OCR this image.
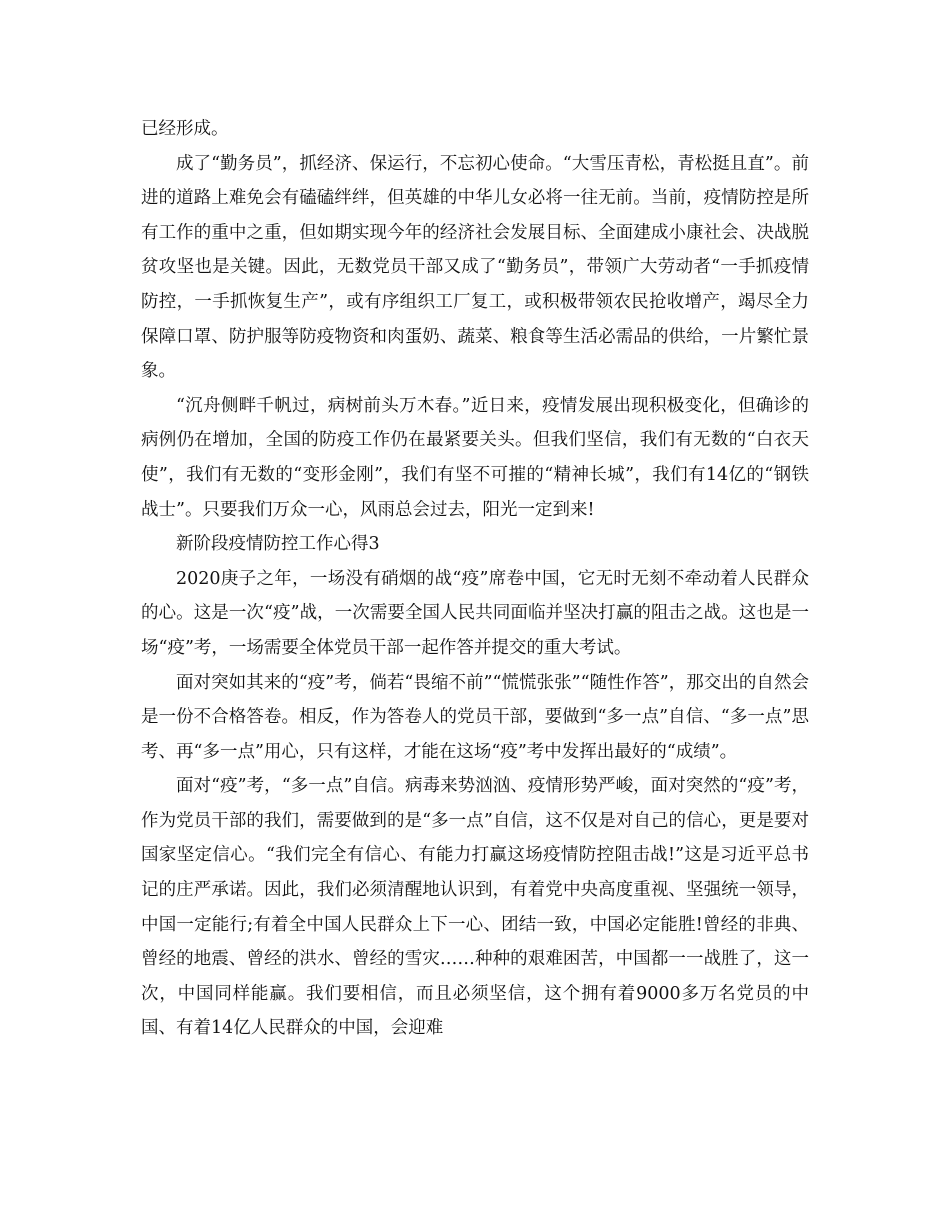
已经形成。

成了“勤务员”，抓经济、保运行，不忘初心使命。“大雪压青松，青松挺且直”。前进的道路上难免会有磕磕绊绊，但英雄的中华儿女必将一往无前。当前，疫情防控是所有工作的重中之重，但如期实现今年的经济社会发展目标、全面建成小康社会、决战脱贫攻坚也是关键。因此，无数党员干部又成了“勤务员”，带领广大劳动者“一手抓疫情防控，一手抓恢复生产”，或有序组织工厂复工，或积极带领农民抢收增产，竭尽全力保障口罩、防护服等防疫物资和肉蛋奶、蔬菜、粮食等生活必需品的供给，一片繁忙景象。

“沉舟侧畔千帆过，病树前头万木春。”近日来，疫情发展出现积极变化，但确诊的病例仍在增加，全国的防疫工作仍在最紧要关头。但我们坚信，我们有无数的“白衣天使”，我们有无数的“变形金刚”，我们有坚不可摧的“精神长城”，我们有14亿的“钢铁战士”。只要我们万众一心，风雨总会过去，阳光一定到来!

新阶段疫情防控工作心得3

2020庚子之年，一场没有硝烟的战“疫”席卷中国，它无时无刻不牵动着人民群众的心。这是一次“疫”战，一次需要全国人民共同面临并坚决打赢的阻击之战。这也是一场“疫”考，一场需要全体党员干部一起作答并提交的重大考试。

面对突如其来的“疫”考，倘若“畏缩不前”“慌慌张张”“随性作答”，那交出的自然会是一份不合格答卷。相反，作为答卷人的党员干部，要做到“多一点”自信、“多一点”思考、再“多一点”用心，只有这样，才能在这场“疫”考中发挥出最好的“成绩”。

面对“疫”考，“多一点”自信。病毒来势汹汹、疫情形势严峻，面对突然的“疫”考，作为党员干部的我们，需要做到的是“多一点”自信，这不仅是对自己的信心，更是要对国家坚定信心。“我们完全有信心、有能力打赢这场疫情防控阻击战!”这是习近平总书记的庄严承诺。因此，我们必须清醒地认识到，有着党中央高度重视、坚强统一领导，中国一定能行;有着全中国人民群众上下一心、团结一致，中国必定能胜!曾经的非典、曾经的地震、曾经的洪水、曾经的雪灾……种种的艰难困苦，中国都一一战胜了，这一次，中国同样能赢。我们要相信，而且必须坚信，这个拥有着9000多万名党员的中国、有着14亿人民群众的中国，会迎难
